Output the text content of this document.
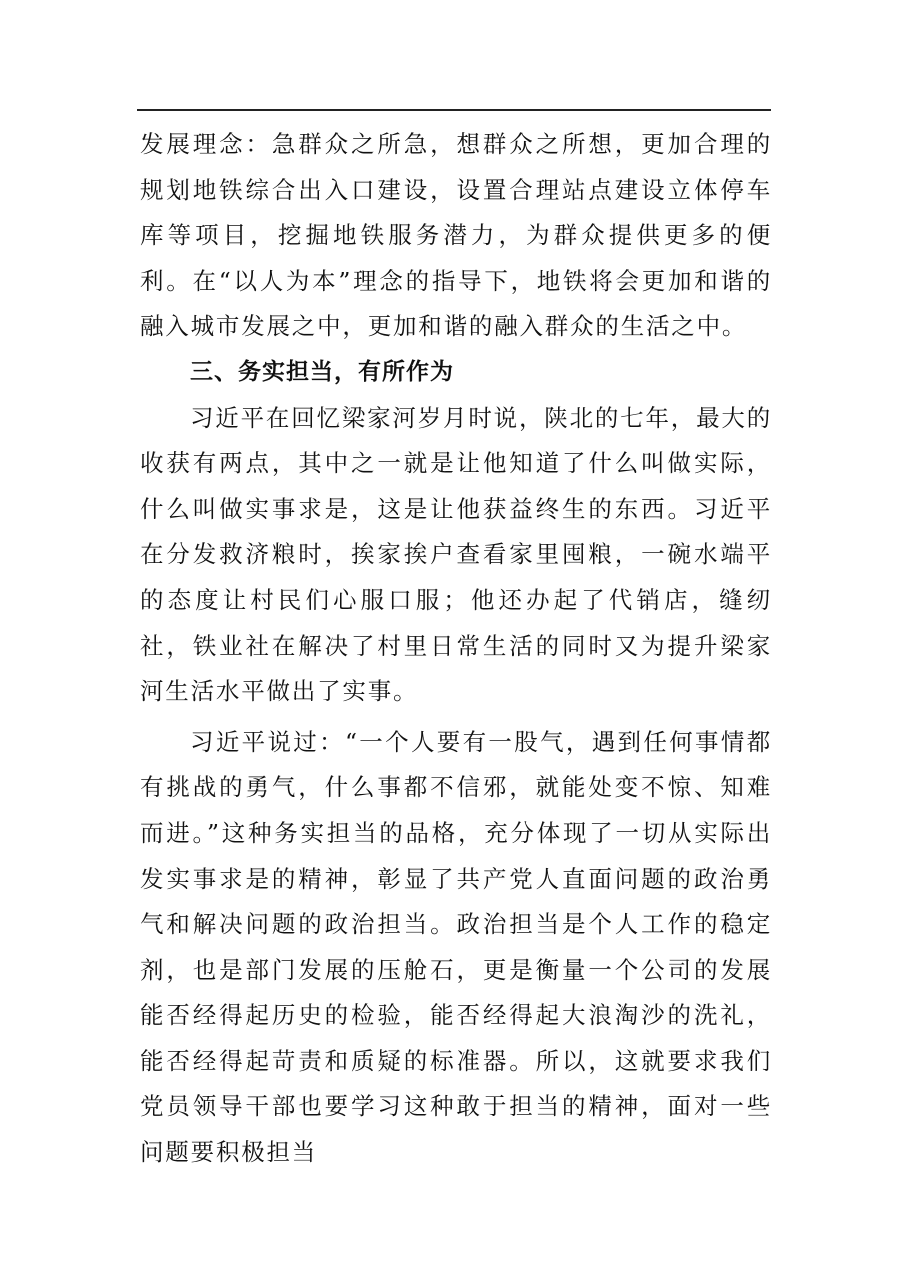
发展理念：急群众之所急，想群众之所想，更加合理的规划地铁综合出入口建设，设置合理站点建设立体停车库等项目，挖掘地铁服务潜力，为群众提供更多的便利。在“以人为本”理念的指导下，地铁将会更加和谐的融入城市发展之中，更加和谐的融入群众的生活之中。

三、务实担当，有所作为

习近平在回忆梁家河岁月时说，陕北的七年，最大的收获有两点，其中之一就是让他知道了什么叫做实际，什么叫做实事求是，这是让他获益终生的东西。习近平在分发救济粮时，挨家挨户查看家里囤粮，一碗水端平的态度让村民们心服口服；他还办起了代销店，缝纫社，铁业社在解决了村里日常生活的同时又为提升梁家河生活水平做出了实事。

习近平说过：“一个人要有一股气，遇到任何事情都有挑战的勇气，什么事都不信邪，就能处变不惊、知难而进。”这种务实担当的品格，充分体现了一切从实际出发实事求是的精神，彰显了共产党人直面问题的政治勇气和解决问题的政治担当。政治担当是个人工作的稳定剂，也是部门发展的压舱石，更是衡量一个公司的发展能否经得起历史的检验，能否经得起大浪淘沙的洗礼，能否经得起苛责和质疑的标准器。所以，这就要求我们党员领导干部也要学习这种敢于担当的精神，面对一些问题要积极担当
